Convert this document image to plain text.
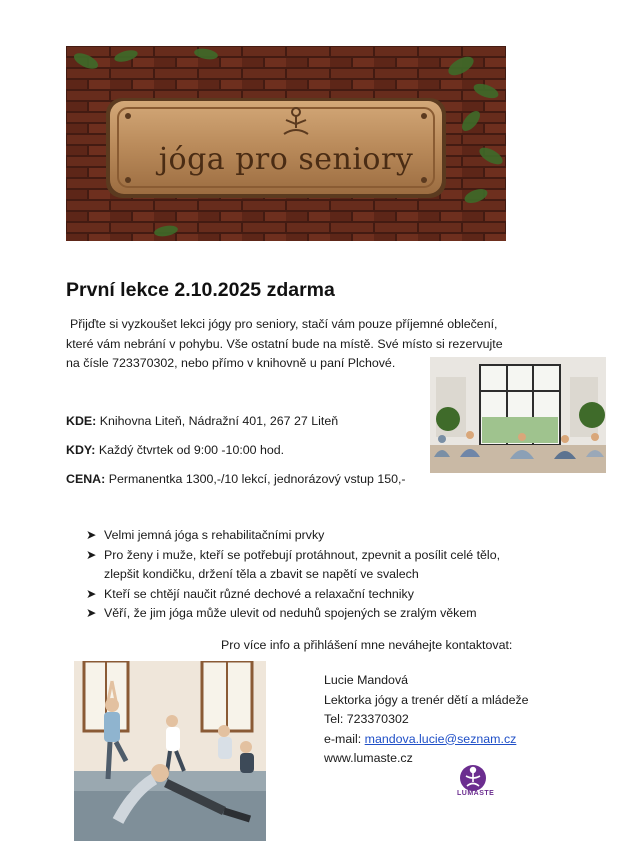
jóga pro seniory
První lekce 2.10.2025 zdarma
Přijďte si vyzkoušet lekci jógy pro seniory, stačí vám pouze příjemné oblečení,
které vám nebrání v pohybu. Vše ostatní bude na místě. Své místo si rezervujte
na čísle 723370302, nebo přímo v knihovně u paní Plchové.
KDE: Knihovna Liteň, Nádražní 401, 267 27 Liteň
KDY: Každý čtvrtek od 9:00 -10:00 hod.
CENA: Permanentka 1300,-/10 lekcí, jednorázový vstup 150,-
➤ Velmi jemná jóga s rehabilitačními prvky
➤ Pro ženy i muže, kteří se potřebují protáhnout, zpevnit a posílit celé tělo,
zlepšit kondičku, držení těla a zbavit se napětí ve svalech
➤ Kteří se chtějí naučit různé dechové a relaxační techniky
➤ Věří, že jim jóga může ulevit od neduhů spojených se zralým věkem
Pro více info a přihlášení mne neváhejte kontaktovat:
Lucie Mandová
Lektorka jógy a trenér dětí a mládeže
Tel: 723370302
e-mail: mandova.lucie@seznam.cz
www.lumaste.cz
LUMASTE
